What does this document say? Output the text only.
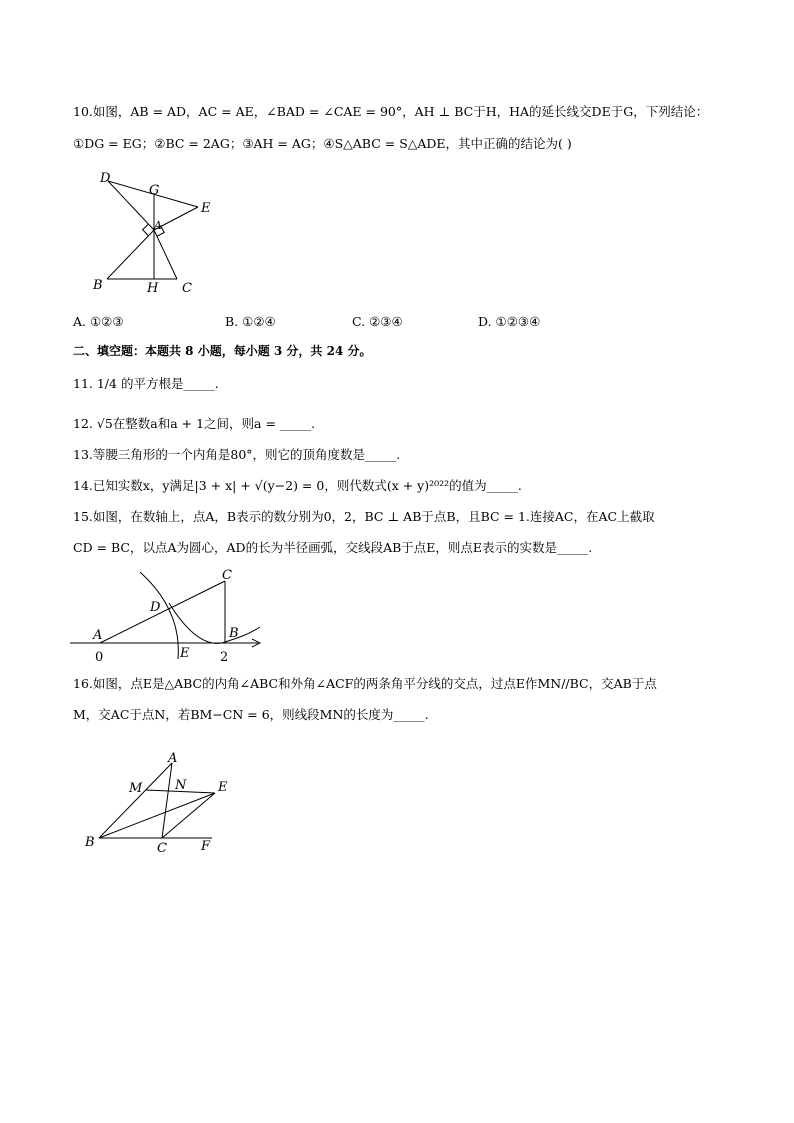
10.如图，AB = AD，AC = AE，∠BAD = ∠CAE = 90°，AH ⊥ BC于H，HA的延长线交DE于G，下列结论：
①DG = EG；②BC = 2AG；③AH = AG；④S△ABC = S△ADE，其中正确的结论为( )
D
G
E
A
B	H C
A. ①②③	B. ①②④	C. ②③④	D. ①②③④
二、填空题：本题共 8 小题，每小题 3 分，共 24 分。
11. 1/4 的平方根是_____.
12. √5在整数a和a + 1之间，则a = _____.
13.等腰三角形的一个内角是80°，则它的顶角度数是_____.
14.已知实数x，y满足|3 + x| + √(y−2) = 0，则代数式(x + y)²⁰²²的值为_____.
15.如图，在数轴上，点A，B表示的数分别为0，2，BC ⊥ AB于点B，且BC = 1.连接AC，在AC上截取
CD = BC，以点A为圆心，AD的长为半径画弧，交线段AB于点E，则点E表示的实数是_____.
C
D
A	B
0	E 2
16.如图，点E是△ABC的内角∠ABC和外角∠ACF的两条角平分线的交点，过点E作MN//BC，交AB于点
M，交AC于点N，若BM−CN = 6，则线段MN的长度为_____.
A
M	N E
B	C	F
